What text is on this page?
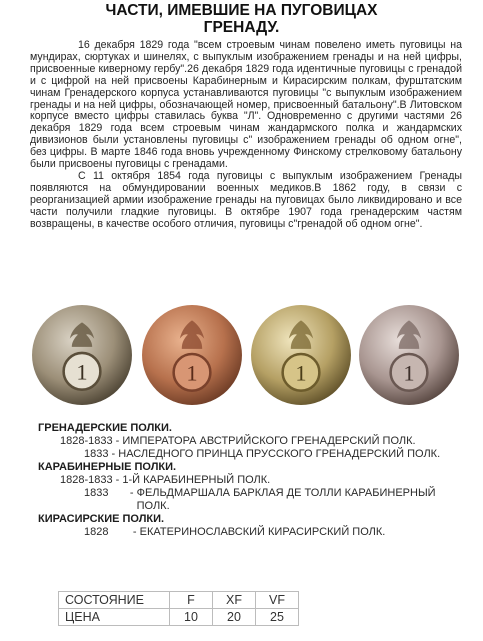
ЧАСТИ, ИМЕВШИЕ НА ПУГОВИЦАХ
ГРЕНАДУ.

16 декабря 1829 года "всем строевым чинам повелено иметь пуговицы на мундирах, сюртуках и шинелях, с выпуклым изображением гренады и на ней цифры, присвоенные киверному гербу".26 декабря 1829 года идентичные пуговицы с гренадой и с цифрой на ней присвоены Карабинерным и Кирасирским полкам, фурштатским чинам Гренадерского корпуса устанавливаются пуговицы "с выпуклым изображением гренады и на ней цифры, обозначающей номер, присвоенный батальону".В Литовском корпусе вместо цифры ставилась буква "Л". Одновременно с другими частями 26 декабря 1829 года всем строевым чинам жандармского полка и жандармских дивизионов были установлены пуговицы с" изображением гренады об одном огне", без цифры. В марте 1846 года вновь учрежденному Финскому стрелковому батальону были присвоены пуговицы с гренадами.

С 11 октября 1854 года пуговицы с выпуклым изображением Гренады появляются на обмундировании военных медиков.В 1862 году, в связи с реорганизацией армии изображение гренады на пуговицах было ликвидировано и все части получили гладкие пуговицы. В октябре 1907 года гренадерским частям возвращены, в качестве особого отличия, пуговицы с"гренадой об одном огне".

1	1	1	1
ГРЕНАДЕРСКИЕ ПОЛКИ.
1828-1833 - ИМПЕРАТОРА АВСТРИЙСКОГО ГРЕНАДЕРСКИЙ ПОЛК.
1833 - НАСЛЕДНОГО ПРИНЦА ПРУССКОГО ГРЕНАДЕРСКИЙ ПОЛК.
КАРАБИНЕРНЫЕ ПОЛКИ.
1828-1833 - 1-Й КАРАБИНЕРНЫЙ ПОЛК.
1833 - ФЕЛЬДМАРШАЛА БАРКЛАЯ ДЕ ТОЛЛИ КАРАБИНЕРНЫЙ ПОЛК.
КИРАСИРСКИЕ ПОЛКИ.
1828 - ЕКАТЕРИНОСЛАВСКИЙ КИРАСИРСКИЙ ПОЛК.
СОСТОЯНИЕ	F	XF	VF
ЦЕНА	10	20	25
